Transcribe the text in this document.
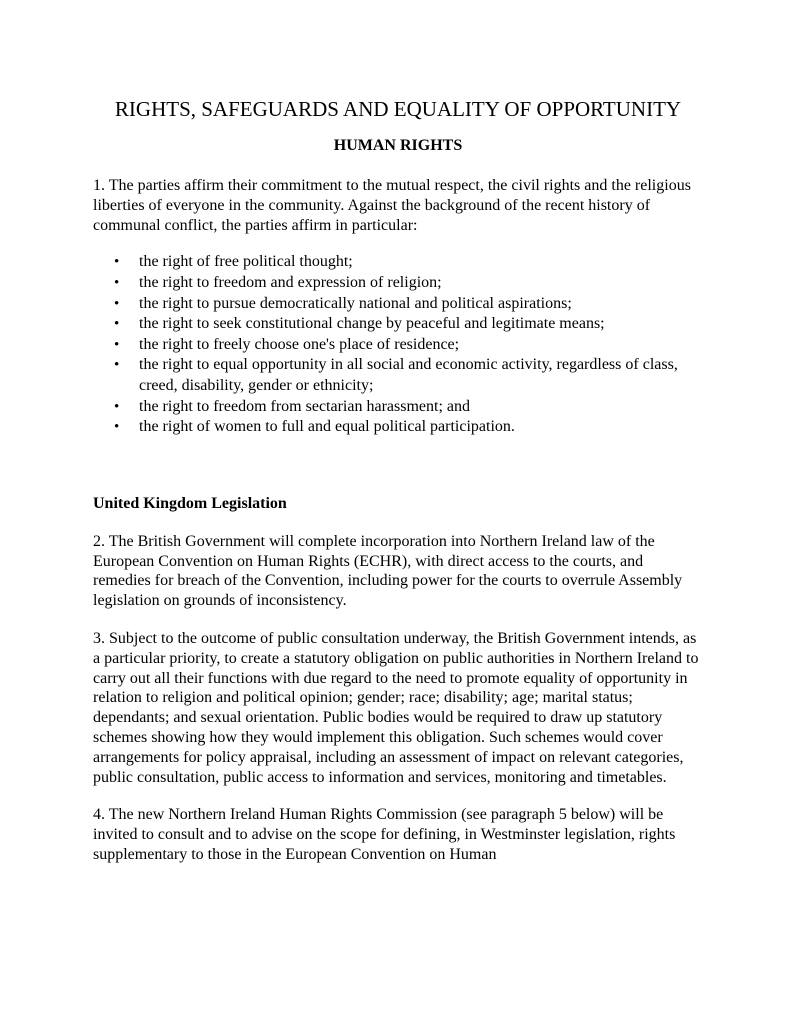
RIGHTS, SAFEGUARDS AND EQUALITY OF OPPORTUNITY
HUMAN RIGHTS

1. The parties affirm their commitment to the mutual respect, the civil rights and the religious liberties of everyone in the community. Against the background of the recent history of communal conflict, the parties affirm in particular:

• the right of free political thought;
• the right to freedom and expression of religion;
• the right to pursue democratically national and political aspirations;
• the right to seek constitutional change by peaceful and legitimate means;
• the right to freely choose one's place of residence;
• the right to equal opportunity in all social and economic activity, regardless of class, creed, disability, gender or ethnicity;
• the right to freedom from sectarian harassment; and
• the right of women to full and equal political participation.
United Kingdom Legislation

2. The British Government will complete incorporation into Northern Ireland law of the European Convention on Human Rights (ECHR), with direct access to the courts, and remedies for breach of the Convention, including power for the courts to overrule Assembly legislation on grounds of inconsistency.

3. Subject to the outcome of public consultation underway, the British Government intends, as a particular priority, to create a statutory obligation on public authorities in Northern Ireland to carry out all their functions with due regard to the need to promote equality of opportunity in relation to religion and political opinion; gender; race; disability; age; marital status; dependants; and sexual orientation. Public bodies would be required to draw up statutory schemes showing how they would implement this obligation. Such schemes would cover arrangements for policy appraisal, including an assessment of impact on relevant categories, public consultation, public access to information and services, monitoring and timetables.

4. The new Northern Ireland Human Rights Commission (see paragraph 5 below) will be invited to consult and to advise on the scope for defining, in Westminster legislation, rights supplementary to those in the European Convention on Human
